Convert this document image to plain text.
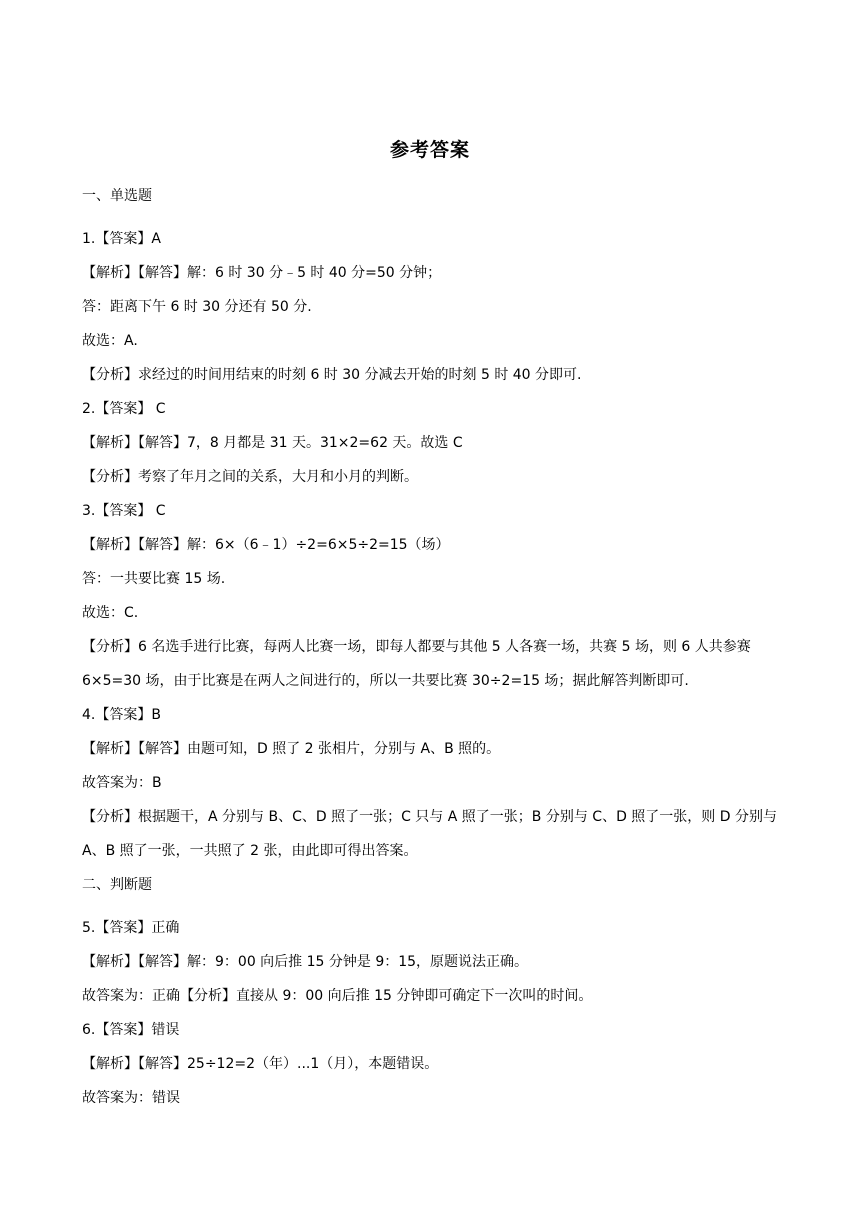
参考答案
一、单选题
1.【答案】A
【解析】【解答】解：6 时 30 分﹣5 时 40 分=50 分钟；
答：距离下午 6 时 30 分还有 50 分.
故选：A.
【分析】求经过的时间用结束的时刻 6 时 30 分减去开始的时刻 5 时 40 分即可.
2.【答案】 C
【解析】【解答】7，8 月都是 31 天。31×2=62 天。故选 C
【分析】考察了年月之间的关系，大月和小月的判断。
3.【答案】 C
【解析】【解答】解：6×（6﹣1）÷2=6×5÷2=15（场）
答：一共要比赛 15 场.
故选：C.
【分析】6 名选手进行比赛，每两人比赛一场，即每人都要与其他 5 人各赛一场，共赛 5 场，则 6 人共参赛 6×5=30 场，由于比赛是在两人之间进行的，所以一共要比赛 30÷2=15 场；据此解答判断即可.
4.【答案】B
【解析】【解答】由题可知，D 照了 2 张相片，分别与 A、B 照的。
故答案为：B
【分析】根据题干，A 分别与 B、C、D 照了一张；C 只与 A 照了一张；B 分别与 C、D 照了一张，则 D 分别与 A、B 照了一张，一共照了 2 张，由此即可得出答案。
二、判断题
5.【答案】正确
【解析】【解答】解：9：00 向后推 15 分钟是 9：15，原题说法正确。
故答案为：正确【分析】直接从 9：00 向后推 15 分钟即可确定下一次叫的时间。
6.【答案】错误
【解析】【解答】25÷12=2（年）...1（月），本题错误。
故答案为：错误
